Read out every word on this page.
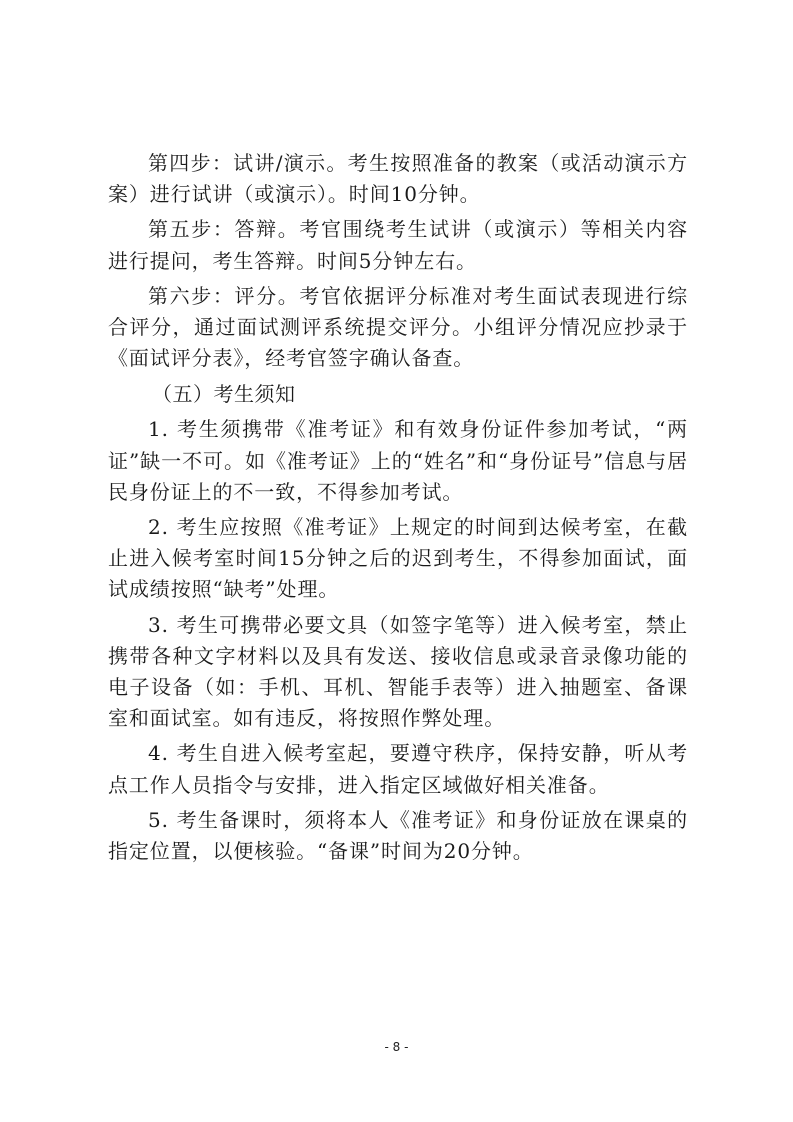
第四步：试讲/演示。考生按照准备的教案（或活动演示方案）进行试讲（或演示）。时间10分钟。

第五步：答辩。考官围绕考生试讲（或演示）等相关内容进行提问，考生答辩。时间5分钟左右。

第六步：评分。考官依据评分标准对考生面试表现进行综合评分，通过面试测评系统提交评分。小组评分情况应抄录于《面试评分表》，经考官签字确认备查。

（五）考生须知

1. 考生须携带《准考证》和有效身份证件参加考试，“两证”缺一不可。如《准考证》上的“姓名”和“身份证号”信息与居民身份证上的不一致，不得参加考试。

2. 考生应按照《准考证》上规定的时间到达候考室，在截止进入候考室时间15分钟之后的迟到考生，不得参加面试，面试成绩按照“缺考”处理。

3. 考生可携带必要文具（如签字笔等）进入候考室，禁止携带各种文字材料以及具有发送、接收信息或录音录像功能的电子设备（如：手机、耳机、智能手表等）进入抽题室、备课室和面试室。如有违反，将按照作弊处理。

4. 考生自进入候考室起，要遵守秩序，保持安静，听从考点工作人员指令与安排，进入指定区域做好相关准备。

5. 考生备课时，须将本人《准考证》和身份证放在课桌的指定位置，以便核验。“备课”时间为20分钟。

- 8 -
